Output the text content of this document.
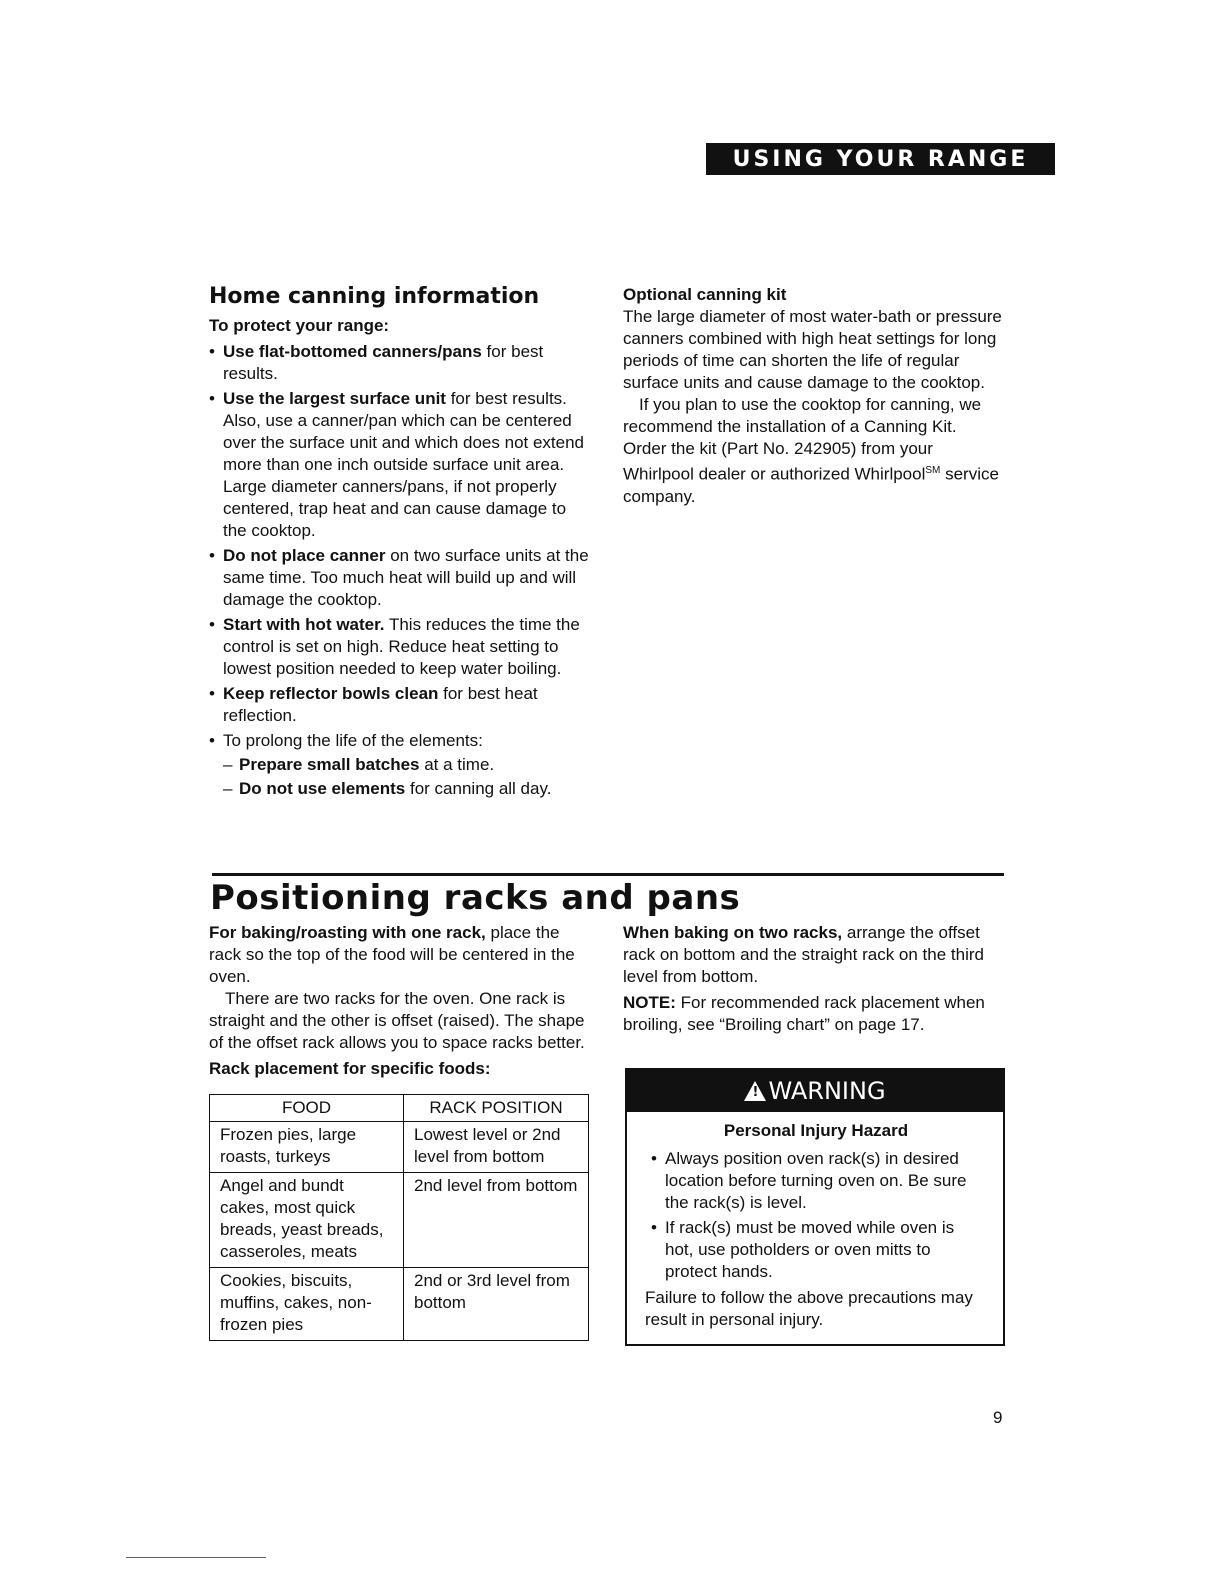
USING YOUR RANGE
Home canning information
To protect your range:
• Use flat-bottomed canners/pans for best results.
• Use the largest surface unit for best results. Also, use a canner/pan which can be centered over the surface unit and which does not extend more than one inch outside surface unit area. Large diameter canners/pans, if not properly centered, trap heat and can cause damage to the cooktop.
• Do not place canner on two surface units at the same time. Too much heat will build up and will damage the cooktop.
• Start with hot water. This reduces the time the control is set on high. Reduce heat setting to lowest position needed to keep water boiling.
• Keep reflector bowls clean for best heat reflection.
• To prolong the life of the elements:
– Prepare small batches at a time.
– Do not use elements for canning all day.
Optional canning kit

The large diameter of most water-bath or pressure canners combined with high heat settings for long periods of time can shorten the life of regular surface units and cause damage to the cooktop.

If you plan to use the cooktop for canning, we recommend the installation of a Canning Kit. Order the kit (Part No. 242905) from your Whirlpool dealer or authorized Whirlpool℠ service company.

Positioning racks and pans

For baking/roasting with one rack, place the rack so the top of the food will be centered in the oven.

There are two racks for the oven. One rack is straight and the other is offset (raised). The shape of the offset rack allows you to space racks better.

Rack placement for specific foods:

FOOD	RACK POSITION
Frozen pies, large roasts, turkeys	Lowest level or 2nd level from bottom
Angel and bundt cakes, most quick breads, yeast breads, casseroles, meats	2nd level from bottom
Cookies, biscuits, muffins, cakes, non-frozen pies	2nd or 3rd level from bottom

When baking on two racks, arrange the offset rack on bottom and the straight rack on the third level from bottom.

NOTE: For recommended rack placement when broiling, see “Broiling chart” on page 17.

! WARNING
Personal Injury Hazard
• Always position oven rack(s) in desired location before turning oven on. Be sure the rack(s) is level.
• If rack(s) must be moved while oven is hot, use potholders or oven mitts to protect hands.

Failure to follow the above precautions may result in personal injury.

9
